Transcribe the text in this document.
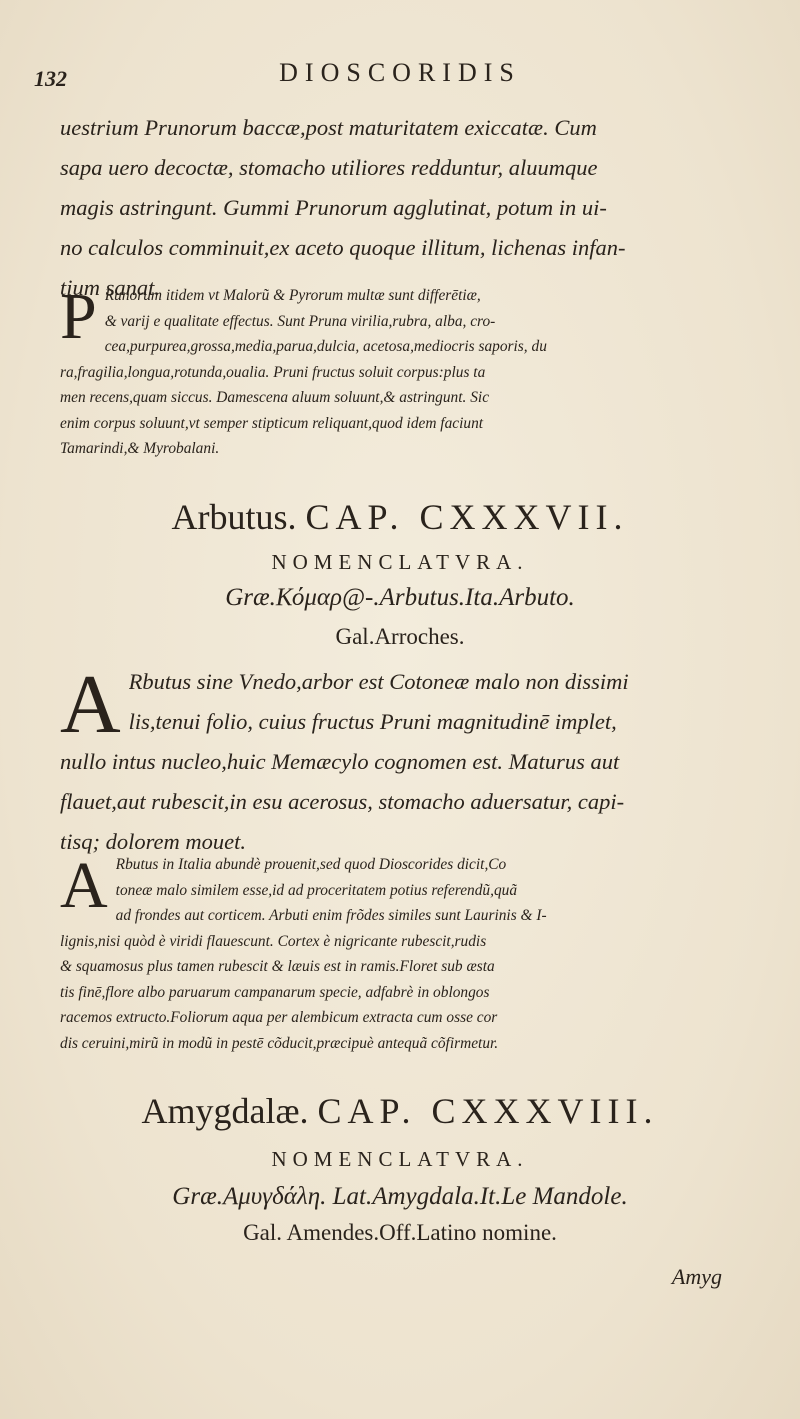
132	DIOSCORIDIS
uestrium Prunorum baccæ,post maturitatem exiccatæ. Cum
sapa uero decoctæ, stomacho utiliores redduntur, aluumque
magis astringunt. Gummi Prunorum agglutinat, potum in ui-
no calculos comminuit,ex aceto quoque illitum, lichenas infan-
tium sanat.
P Runorum itidem vt Malorũ & Pyrorum multæ sunt differētiæ,
& varij e qualitate effectus. Sunt Pruna virilia,rubra, alba, cro-
cea,purpurea,grossa,media,parua,dulcia, acetosa,mediocris saporis, du
ra,fragilia,longua,rotunda,oualia. Pruni fructus soluit corpus:plus ta
men recens,quam siccus. Damescena aluum soluunt,& astringunt. Sic
enim corpus soluunt,vt semper stipticum reliquant,quod idem faciunt
Tamarindi,& Myrobalani.
Arbutus. CAP. CXXXVII.
NOMENCLATVRA.
Græ.Κόμαρ@-.Arbutus.Ita.Arbuto.
Gal.Arroches.
A Rbutus sine Vnedo,arbor est Cotoneæ malo non dissimi
lis,tenui folio, cuius fructus Pruni magnitudinē implet,
nullo intus nucleo,huic Memæcylo cognomen est. Maturus aut
flauet,aut rubescit,in esu acerosus, stomacho aduersatur, capi-
tisq; dolorem mouet.
A Rbutus in Italia abundè prouenit,sed quod Dioscorides dicit,Co
toneæ malo similem esse,id ad proceritatem potius referendũ,quã
ad frondes aut corticem. Arbuti enim frõdes similes sunt Laurinis & I-
lignis,nisi quòd è viridi flauescunt. Cortex è nigricante rubescit,rudis
& squamosus plus tamen rubescit & læuis est in ramis.Floret sub æsta
tis finē,flore albo paruarum campanarum specie, adfabrè in oblongos
racemos extructo.Foliorum aqua per alembicum extracta cum osse cor
dis ceruini,mirũ in modũ in pestē cõducit,præcipuè antequã cõfirmetur.
Amygdalæ. CAP. CXXXVIII.
NOMENCLATVRA.
Græ.Αμυγδάλη. Lat.Amygdala.It.Le Mandole.
Gal. Amendes.Off.Latino nomine.
Amyg
